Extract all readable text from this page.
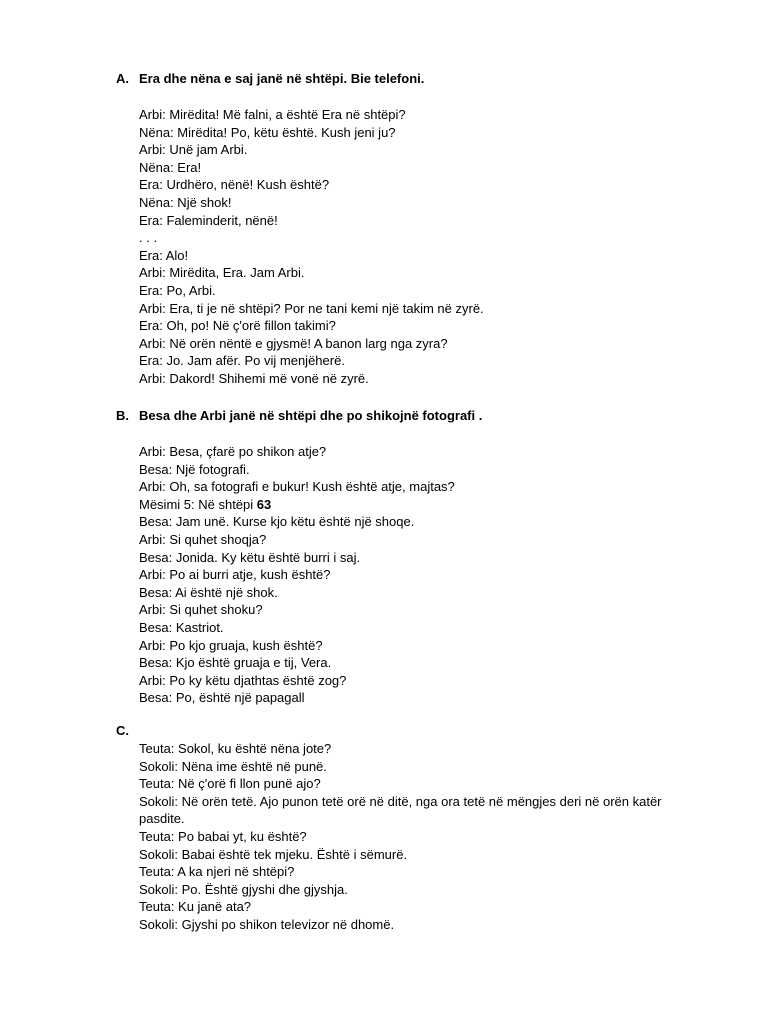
A. Era dhe nëna e saj janë në shtëpi. Bie telefoni.
Arbi: Mirëdita! Më falni, a është Era në shtëpi?
Nëna: Mirëdita! Po, këtu është. Kush jeni ju?
Arbi: Unë jam Arbi.
Nëna: Era!
Era: Urdhëro, nënë! Kush është?
Nëna: Një shok!
Era: Faleminderit, nënë!
. . .
Era: Alo!
Arbi: Mirëdita, Era. Jam Arbi.
Era: Po, Arbi.
Arbi: Era, ti je në shtëpi? Por ne tani kemi një takim në zyrë.
Era: Oh, po! Në ç'orë fillon takimi?
Arbi: Në orën nëntë e gjysmë! A banon larg nga zyra?
Era: Jo. Jam afër. Po vij menjëherë.
Arbi: Dakord! Shihemi më vonë në zyrë.
B. Besa dhe Arbi janë në shtëpi dhe po shikojnë fotografi .
Arbi: Besa, çfarë po shikon atje?
Besa: Një fotografi.
Arbi: Oh, sa fotografi e bukur! Kush është atje, majtas?
Mësimi 5: Në shtëpi 63
Besa: Jam unë. Kurse kjo këtu është një shoqe.
Arbi: Si quhet shoqja?
Besa: Jonida. Ky këtu është burri i saj.
Arbi: Po ai burri atje, kush është?
Besa: Ai është një shok.
Arbi: Si quhet shoku?
Besa: Kastriot.
Arbi: Po kjo gruaja, kush është?
Besa: Kjo është gruaja e tij, Vera.
Arbi: Po ky këtu djathtas është zog?
Besa: Po, është një papagall
C.
Teuta: Sokol, ku është nëna jote?
Sokoli: Nëna ime është në punë.
Teuta: Në ç'orë fi llon punë ajo?
Sokoli: Në orën tetë. Ajo punon tetë orë në ditë, nga ora tetë në mëngjes deri në orën katër
pasdite.
Teuta: Po babai yt, ku është?
Sokoli: Babai është tek mjeku. Është i sëmurë.
Teuta: A ka njeri në shtëpi?
Sokoli: Po. Është gjyshi dhe gjyshja.
Teuta: Ku janë ata?
Sokoli: Gjyshi po shikon televizor në dhomë.
